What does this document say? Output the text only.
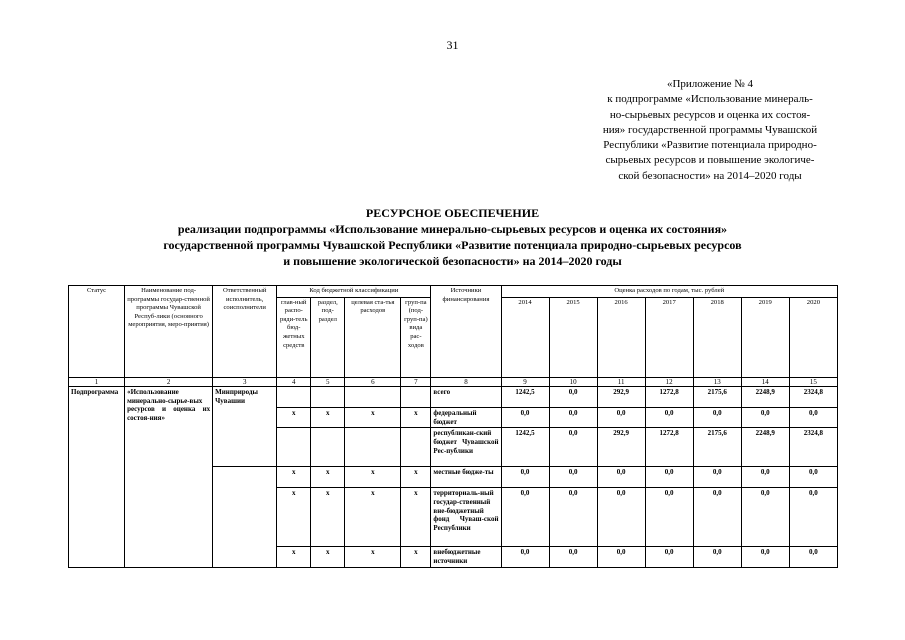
31
«Приложение № 4
к подпрограмме «Использование минераль-
но-сырьевых ресурсов и оценка их состоя-
ния» государственной программы Чувашской
Республики «Развитие потенциала природно-
сырьевых ресурсов и повышение экологиче-
ской безопасности» на 2014–2020 годы
РЕСУРСНОЕ ОБЕСПЕЧЕНИЕ
реализации подпрограммы «Использование минерально-сырьевых ресурсов и оценка их состояния»
государственной программы Чувашской Республики «Развитие потенциала природно-сырьевых ресурсов
и повышение экологической безопасности» на 2014–2020 годы
Статус	Наименование под-программы государ-ственной программы Чувашской Респуб-лики (основного мероприятия, меро-приятия)	Ответственный исполнитель, соисполнители	Код бюджетной классификации				Источники финансирования	Оценка расходов по годам, тыс. рублей						
			глав-ный распо-ряди-тель бюд-жетных средств	раздел, под-раздел	целевая ста-тья расходов	груп-па (под-груп-па) вида рас-ходов		2014	2015	2016	2017	2018	2019	2020
1	2	3	4	5	6	7	8	9	10	11	12	13	14	15
Подпрограмма	«Использование минерально-сырье-вых ресурсов и оценка их состоя-ния»	Минприроды Чувашии					всего	1242,5	0,0	292,9	1272,8	2175,6	2248,9	2324,8
			x	x	x	x	федеральный бюджет	0,0	0,0	0,0	0,0	0,0	0,0	0,0
							республикан-ский бюджет Чувашской Рес-публики	1242,5	0,0	292,9	1272,8	2175,6	2248,9	2324,8
			x	x	x	x	местные бюдже-ты	0,0	0,0	0,0	0,0	0,0	0,0	0,0
			x	x	x	x	территориаль-ный государ-ственный вне-бюджетный фонд Чуваш-ской Республики	0,0	0,0	0,0	0,0	0,0	0,0	0,0
			x	x	x	x	внебюджетные источники	0,0	0,0	0,0	0,0	0,0	0,0	0,0
